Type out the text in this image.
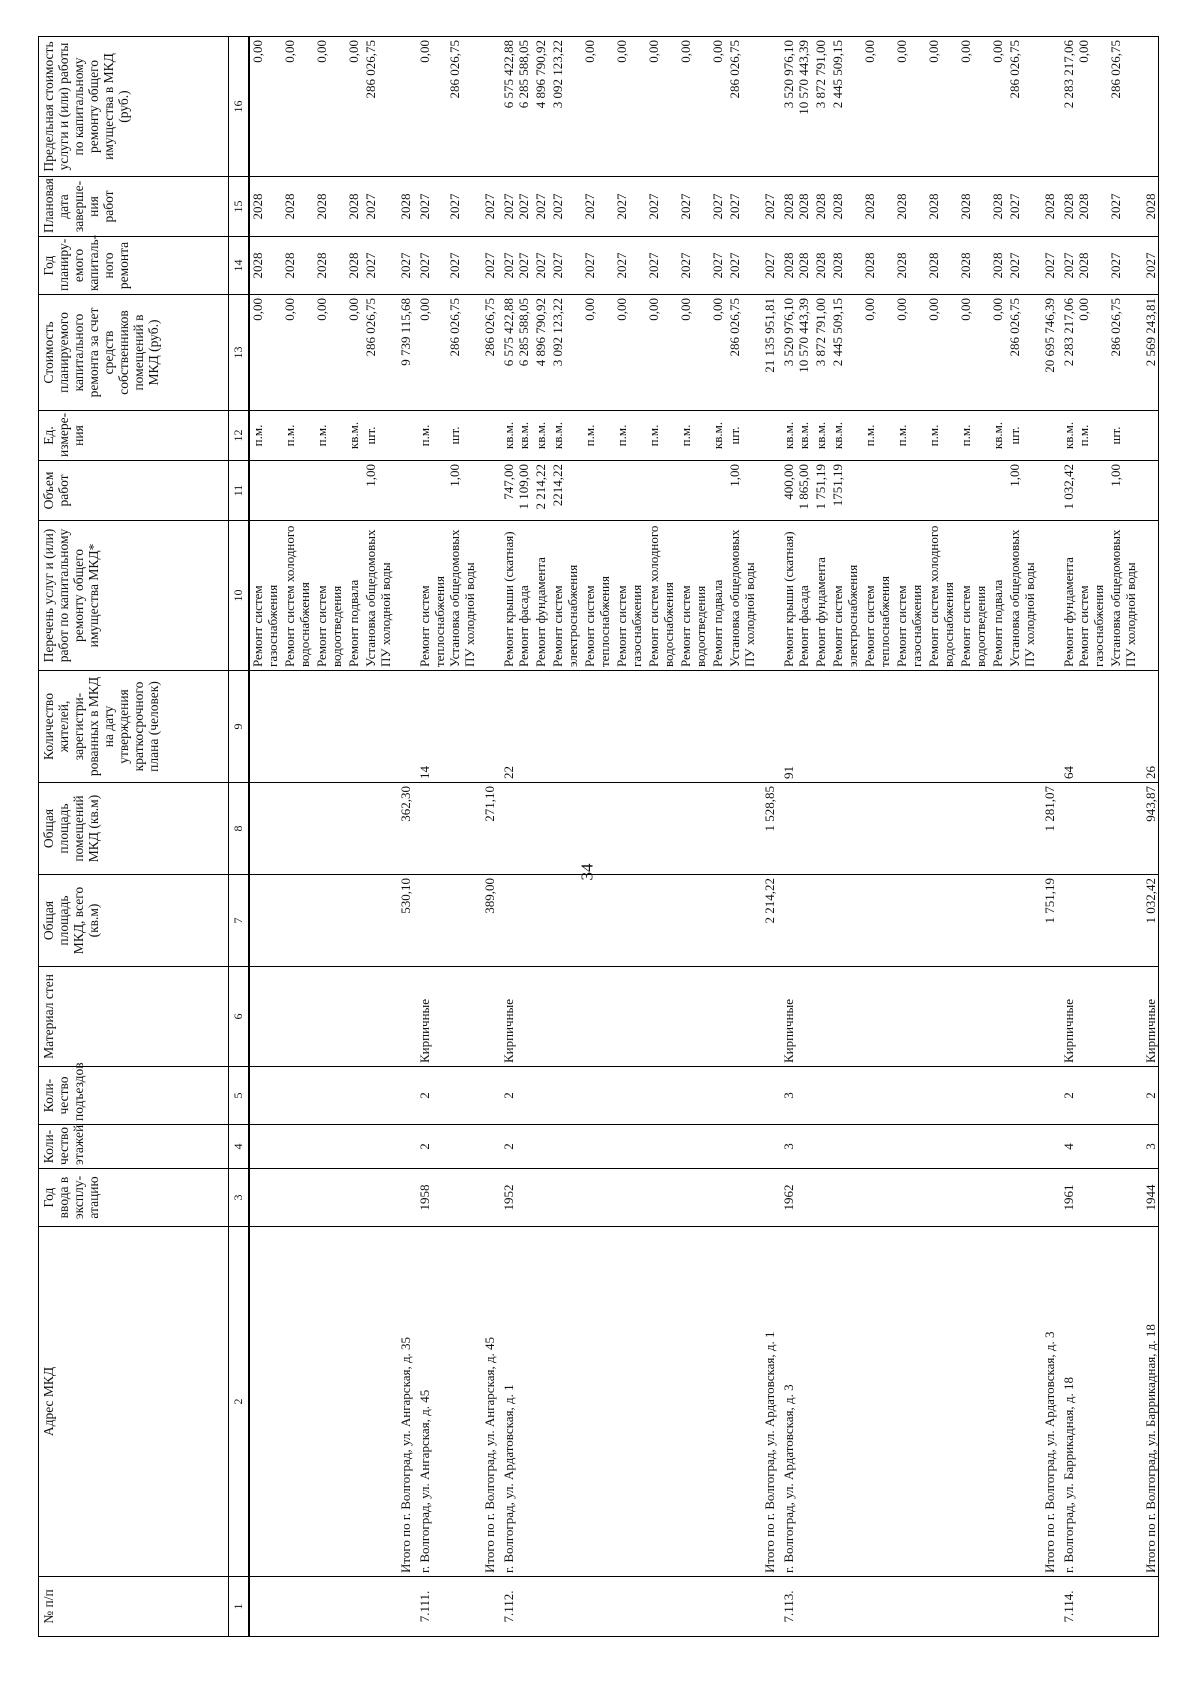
34
№ п/п	Адрес МКД	Год ввода в эксплу-атацию	Коли-чество этажей	Коли-чество подъездов	Материал стен	Общая площадь МКД, всего (кв.м)	Общая площадь помещений МКД (кв.м)	Количество жителей, зарегистри-рованных в МКД на дату утверждения краткосрочного плана (человек)	Перечень услуг и (или) работ по капитальному ремонту общего имущества МКД*	Объем работ	Ед. измере-ния	Стоимость планируемого капитального ремонта за счет средств собственников помещений в МКД (руб.)	Год планиру-емого капиталь-ного ремонта	Плановая дата заверше-ния работ	Предельная стоимость услуги и (или) работы по капитальному ремонту общего имущества в МКД (руб.)
1	2	3	4	5	6	7	8	9	10	11	12	13	14	15	16
									Ремонт систем газоснабжения		п.м.	0,00	2028	2028	0,00
									Ремонт систем холодного водоснабжения		п.м.	0,00	2028	2028	0,00
									Ремонт систем водоотведения		п.м.	0,00	2028	2028	0,00
									Ремонт подвала		кв.м.	0,00	2028	2028	0,00
									Установка общедомовых ПУ холодной воды	1,00	шт.	286 026,75	2027	2027	286 026,75
	Итого по г. Волгоград, ул. Ангарская, д. 35					530,10	362,30					9 739 115,68	2027	2028	
7.111.	г. Волгоград, ул. Ангарская, д. 45	1958	2	2	Кирпичные			14	Ремонт систем теплоснабжения		п.м.	0,00	2027	2027	0,00
									Установка общедомовых ПУ холодной воды	1,00	шт.	286 026,75	2027	2027	286 026,75
	Итого по г. Волгоград, ул. Ангарская, д. 45					389,00	271,10					286 026,75	2027	2027	
7.112.	г. Волгоград, ул. Ардатовская, д. 1	1952	2	2	Кирпичные			22	Ремонт крыши (скатная)	747,00	кв.м.	6 575 422,88	2027	2027	6 575 422,88
									Ремонт фасада	1 109,00	кв.м.	6 285 588,05	2027	2027	6 285 588,05
									Ремонт фундамента	2 214,22	кв.м.	4 896 790,92	2027	2027	4 896 790,92
									Ремонт систем электроснабжения	2214,22	кв.м.	3 092 123,22	2027	2027	3 092 123,22
									Ремонт систем теплоснабжения		п.м.	0,00	2027	2027	0,00
									Ремонт систем газоснабжения		п.м.	0,00	2027	2027	0,00
									Ремонт систем холодного водоснабжения		п.м.	0,00	2027	2027	0,00
									Ремонт систем водоотведения		п.м.	0,00	2027	2027	0,00
									Ремонт подвала		кв.м.	0,00	2027	2027	0,00
									Установка общедомовых ПУ холодной воды	1,00	шт.	286 026,75	2027	2027	286 026,75
	Итого по г. Волгоград, ул. Ардатовская, д. 1					2 214,22	1 528,85					21 135 951,81	2027	2027	
7.113.	г. Волгоград, ул. Ардатовская, д. 3	1962	3	3	Кирпичные			91	Ремонт крыши (скатная)	400,00	кв.м.	3 520 976,10	2028	2028	3 520 976,10
									Ремонт фасада	1 865,00	кв.м.	10 570 443,39	2028	2028	10 570 443,39
									Ремонт фундамента	1 751,19	кв.м.	3 872 791,00	2028	2028	3 872 791,00
									Ремонт систем электроснабжения	1751,19	кв.м.	2 445 509,15	2028	2028	2 445 509,15
									Ремонт систем теплоснабжения		п.м.	0,00	2028	2028	0,00
									Ремонт систем газоснабжения		п.м.	0,00	2028	2028	0,00
									Ремонт систем холодного водоснабжения		п.м.	0,00	2028	2028	0,00
									Ремонт систем водоотведения		п.м.	0,00	2028	2028	0,00
									Ремонт подвала		кв.м.	0,00	2028	2028	0,00
									Установка общедомовых ПУ холодной воды	1,00	шт.	286 026,75	2027	2027	286 026,75
	Итого по г. Волгоград, ул. Ардатовская, д. 3					1 751,19	1 281,07					20 695 746,39	2027	2028	
7.114.	г. Волгоград, ул. Баррикадная, д. 18	1961	4	2	Кирпичные			64	Ремонт фундамента	1 032,42	кв.м.	2 283 217,06	2027	2028	2 283 217,06
									Ремонт систем газоснабжения		п.м.	0,00	2028	2028	0,00
									Установка общедомовых ПУ холодной воды	1,00	шт.	286 026,75	2027	2027	286 026,75
	Итого по г. Волгоград, ул. Баррикадная, д. 18	1944	3	2	Кирпичные	1 032,42	943,87	26				2 569 243,81	2027	2028	
